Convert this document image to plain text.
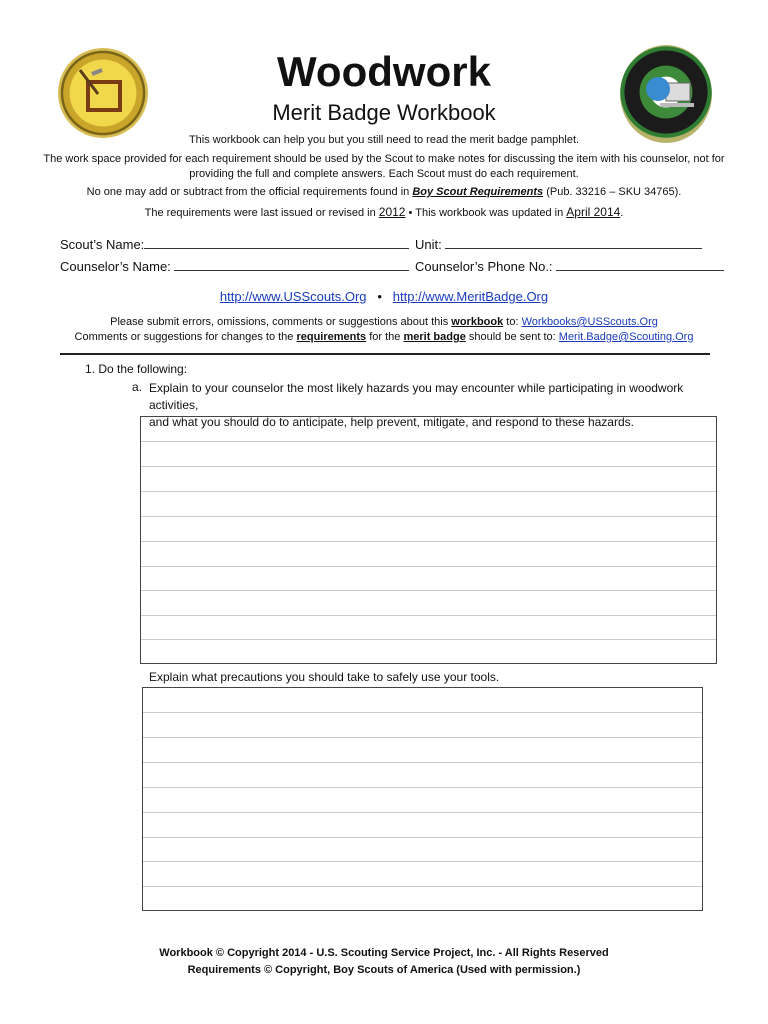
Woodwork
Merit Badge Workbook
This workbook can help you but you still need to read the merit badge pamphlet.
The work space provided for each requirement should be used by the Scout to make notes for discussing the item with his counselor, not for
providing the full and complete answers. Each Scout must do each requirement.
No one may add or subtract from the official requirements found in Boy Scout Requirements (Pub. 33216 – SKU 34765).
The requirements were last issued or revised in 2012 • This workbook was updated in April 2014.
Scout’s Name:	Unit:
Counselor’s Name:	Counselor’s Phone No.:
http://www.USScouts.Org • http://www.MeritBadge.Org
Please submit errors, omissions, comments or suggestions about this workbook to: Workbooks@USScouts.Org
Comments or suggestions for changes to the requirements for the merit badge should be sent to: Merit.Badge@Scouting.Org
1. Do the following:
a. Explain to your counselor the most likely hazards you may encounter while participating in woodwork activities,
and what you should do to anticipate, help prevent, mitigate, and respond to these hazards.
Explain what precautions you should take to safely use your tools.
Workbook © Copyright 2014 - U.S. Scouting Service Project, Inc. - All Rights Reserved
Requirements © Copyright, Boy Scouts of America (Used with permission.)
